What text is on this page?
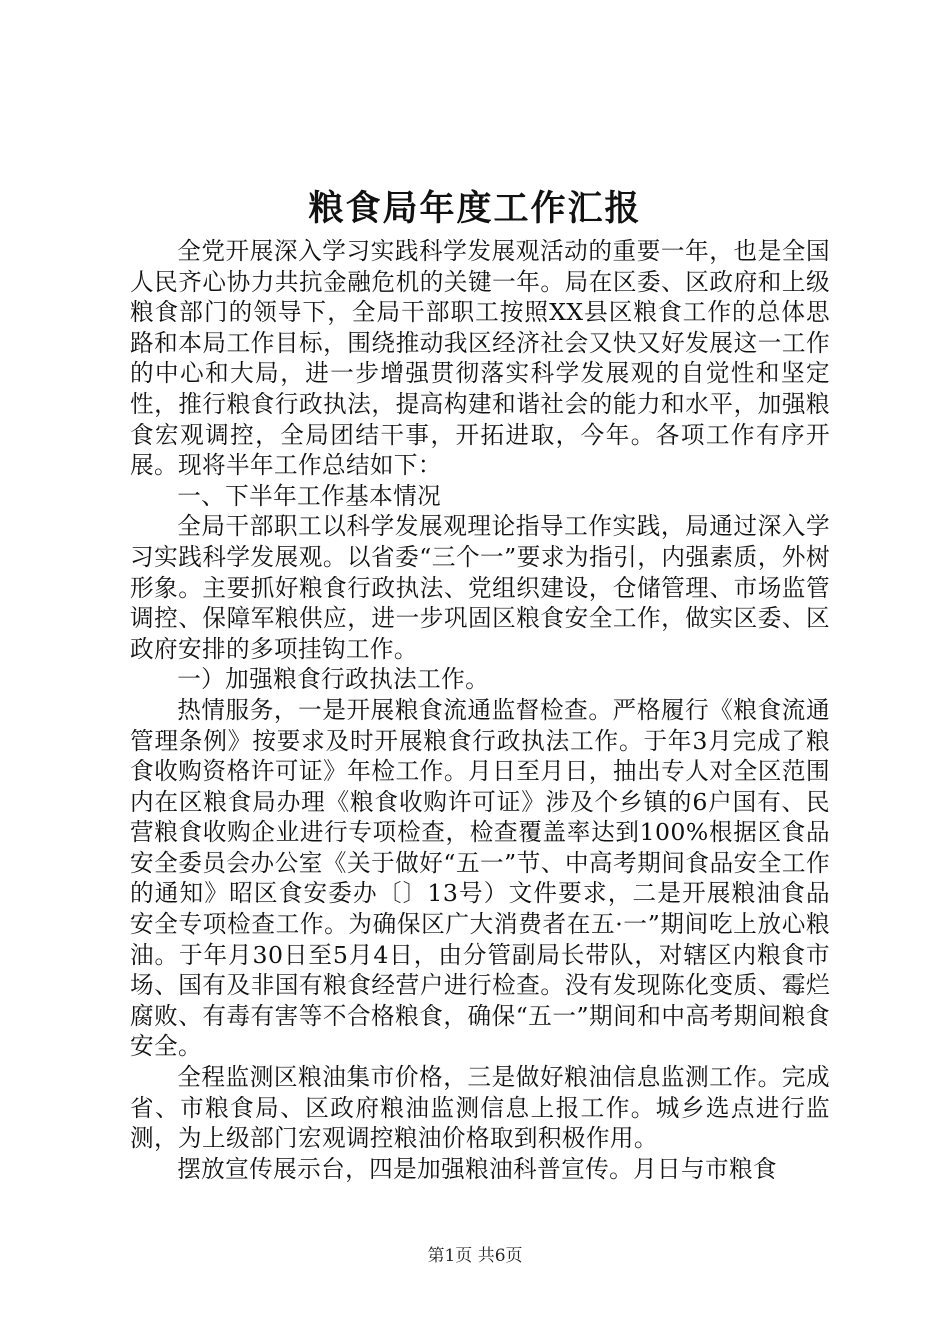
粮食局年度工作汇报

全党开展深入学习实践科学发展观活动的重要一年，也是全国人民齐心协力共抗金融危机的关键一年。局在区委、区政府和上级粮食部门的领导下，全局干部职工按照XX县区粮食工作的总体思路和本局工作目标，围绕推动我区经济社会又快又好发展这一工作的中心和大局，进一步增强贯彻落实科学发展观的自觉性和坚定性，推行粮食行政执法，提高构建和谐社会的能力和水平，加强粮食宏观调控，全局团结干事，开拓进取，今年。各项工作有序开展。现将半年工作总结如下：

一、下半年工作基本情况

全局干部职工以科学发展观理论指导工作实践，局通过深入学习实践科学发展观。以省委“三个一”要求为指引，内强素质，外树形象。主要抓好粮食行政执法、党组织建设，仓储管理、市场监管调控、保障军粮供应，进一步巩固区粮食安全工作，做实区委、区政府安排的多项挂钩工作。

一）加强粮食行政执法工作。

热情服务，一是开展粮食流通监督检查。严格履行《粮食流通管理条例》按要求及时开展粮食行政执法工作。于年3月完成了粮食收购资格许可证》年检工作。月日至月日，抽出专人对全区范围内在区粮食局办理《粮食收购许可证》涉及个乡镇的6户国有、民营粮食收购企业进行专项检查，检查覆盖率达到100%根据区食品安全委员会办公室《关于做好“五一”节、中高考期间食品安全工作的通知》昭区食安委办〔〕13号）文件要求，二是开展粮油食品安全专项检查工作。为确保区广大消费者在五·一”期间吃上放心粮油。于年月30日至5月4日，由分管副局长带队，对辖区内粮食市场、国有及非国有粮食经营户进行检查。没有发现陈化变质、霉烂腐败、有毒有害等不合格粮食，确保“五一”期间和中高考期间粮食安全。

全程监测区粮油集市价格，三是做好粮油信息监测工作。完成省、市粮食局、区政府粮油监测信息上报工作。城乡选点进行监测，为上级部门宏观调控粮油价格取到积极作用。

摆放宣传展示台，四是加强粮油科普宣传。月日与市粮食

第1页 共6页
